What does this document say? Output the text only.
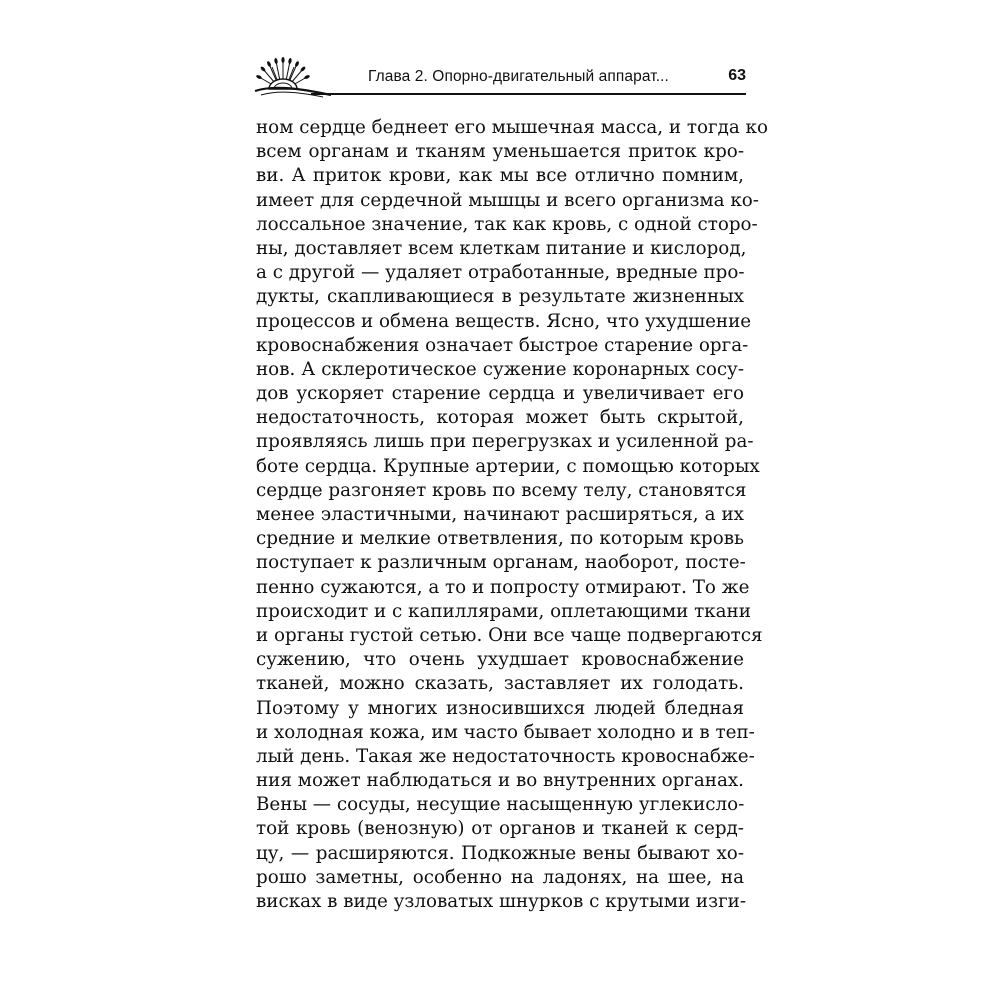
Глава 2. Опорно-двигательный аппарат...	63
ном сердце беднеет его мышечная масса, и тогда ко
всем органам и тканям уменьшается приток кро-
ви. А приток крови, как мы все отлично помним,
имеет для сердечной мышцы и всего организма ко-
лоссальное значение, так как кровь, с одной сторо-
ны, доставляет всем клеткам питание и кислород,
а с другой — удаляет отработанные, вредные про-
дукты, скапливающиеся в результате жизненных
процессов и обмена веществ. Ясно, что ухудшение
кровоснабжения означает быстрое старение орга-
нов. А склеротическое сужение коронарных сосу-
дов ускоряет старение сердца и увеличивает его
недостаточность, которая может быть скрытой,
проявляясь лишь при перегрузках и усиленной ра-
боте сердца. Крупные артерии, с помощью которых
сердце разгоняет кровь по всему телу, становятся
менее эластичными, начинают расширяться, а их
средние и мелкие ответвления, по которым кровь
поступает к различным органам, наоборот, посте-
пенно сужаются, а то и попросту отмирают. То же
происходит и с капиллярами, оплетающими ткани
и органы густой сетью. Они все чаще подвергаются
сужению, что очень ухудшает кровоснабжение
тканей, можно сказать, заставляет их голодать.
Поэтому у многих износившихся людей бледная
и холодная кожа, им часто бывает холодно и в теп-
лый день. Такая же недостаточность кровоснабже-
ния может наблюдаться и во внутренних органах.
Вены — сосуды, несущие насыщенную углекисло-
той кровь (венозную) от органов и тканей к серд-
цу, — расширяются. Подкожные вены бывают хо-
рошо заметны, особенно на ладонях, на шее, на
висках в виде узловатых шнурков с крутыми изги-
